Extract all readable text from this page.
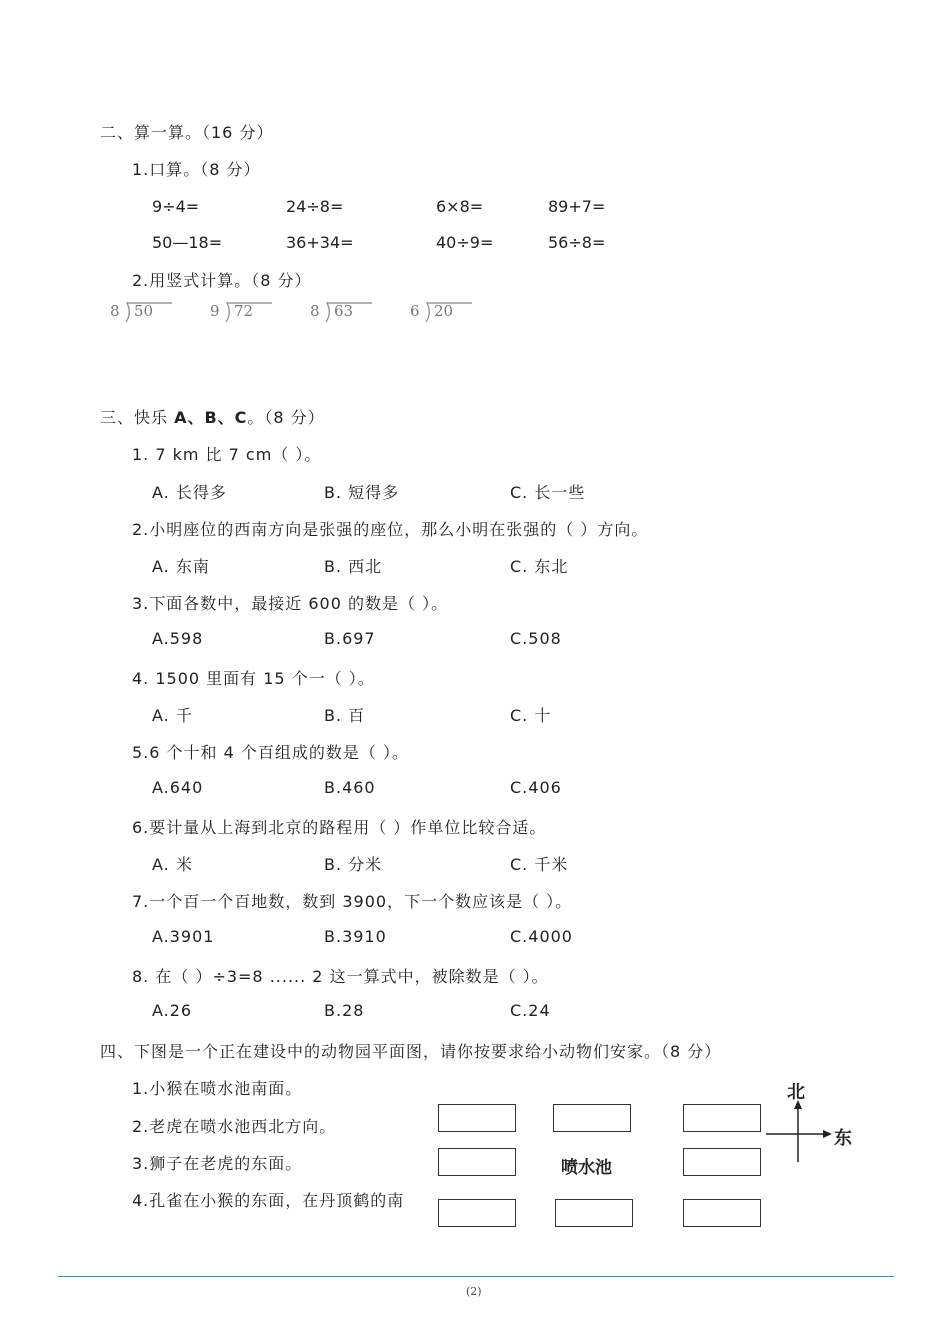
二、算一算。（16 分）
1.口算。（8 分）
9÷4=	24÷8=	6×8=	89+7=
50—18=	36+34=	40÷9=	56÷8=
2.用竖式计算。（8 分）
8 50	9 72	8 63	6 20
三、快乐 A、B、C。（8 分）
1. 7 km 比 7 cm（ ）。
A. 长得多	B. 短得多	C. 长一些
2.小明座位的西南方向是张强的座位，那么小明在张强的（ ）方向。
A. 东南	B. 西北	C. 东北
3.下面各数中，最接近 600 的数是（ ）。
A.598	B.697	C.508
4. 1500 里面有 15 个一（ ）。
A. 千	B. 百	C. 十
5.6 个十和 4 个百组成的数是（ ）。
A.640	B.460	C.406
6.要计量从上海到北京的路程用（ ）作单位比较合适。
A. 米	B. 分米	C. 千米
7.一个百一个百地数，数到 3900，下一个数应该是（ ）。
A.3901	B.3910	C.4000
8. 在（ ）÷3=8 ...... 2 这一算式中，被除数是（ ）。
A.26	B.28	C.24
四、下图是一个正在建设中的动物园平面图，请你按要求给小动物们安家。（8 分）
1.小猴在喷水池南面。
2.老虎在喷水池西北方向。
3.狮子在老虎的东面。
4.孔雀在小猴的东面，在丹顶鹤的南
喷水池
北
东
(2)
